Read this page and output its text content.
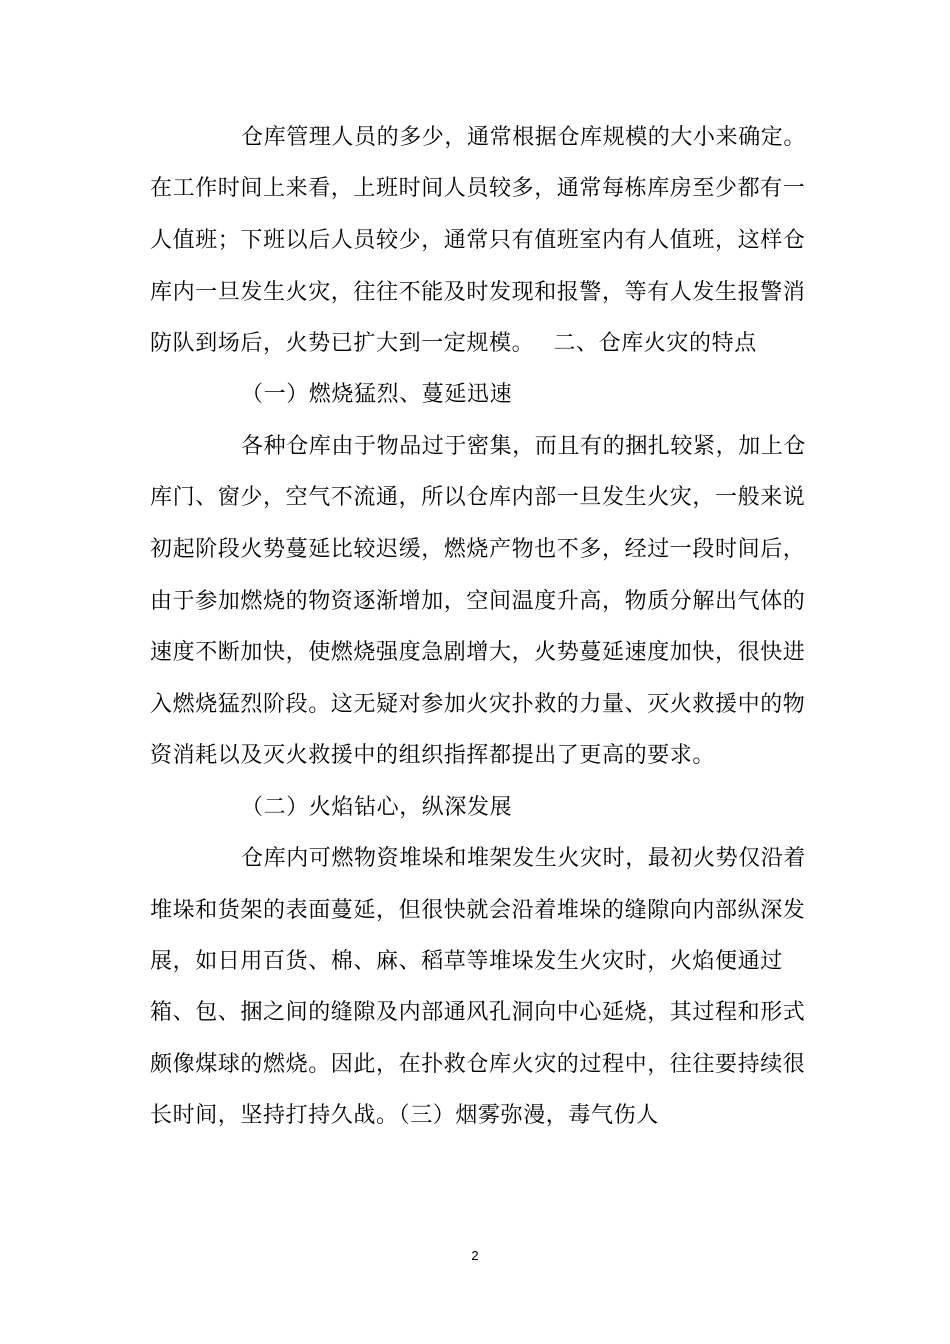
仓库管理人员的多少，通常根据仓库规模的大小来确定。
在工作时间上来看，上班时间人员较多，通常每栋库房至少都有一
人值班；下班以后人员较少，通常只有值班室内有人值班，这样仓
库内一旦发生火灾，往往不能及时发现和报警，等有人发生报警消
防队到场后，火势已扩大到一定规模。　 二、仓库火灾的特点
（一）燃烧猛烈、蔓延迅速
各种仓库由于物品过于密集，而且有的捆扎较紧，加上仓
库门、窗少，空气不流通，所以仓库内部一旦发生火灾，一般来说
初起阶段火势蔓延比较迟缓，燃烧产物也不多，经过一段时间后，
由于参加燃烧的物资逐渐增加，空间温度升高，物质分解出气体的
速度不断加快，使燃烧强度急剧增大，火势蔓延速度加快，很快进
入燃烧猛烈阶段。这无疑对参加火灾扑救的力量、灭火救援中的物
资消耗以及灭火救援中的组织指挥都提出了更高的要求。
（二）火焰钻心，纵深发展
仓库内可燃物资堆垛和堆架发生火灾时，最初火势仅沿着
堆垛和货架的表面蔓延，但很快就会沿着堆垛的缝隙向内部纵深发
展，如日用百货、棉、麻、稻草等堆垛发生火灾时，火焰便通过
箱、包、捆之间的缝隙及内部通风孔洞向中心延烧，其过程和形式
颇像煤球的燃烧。因此，在扑救仓库火灾的过程中，往往要持续很
长时间，坚持打持久战。（三）烟雾弥漫，毒气伤人
2
